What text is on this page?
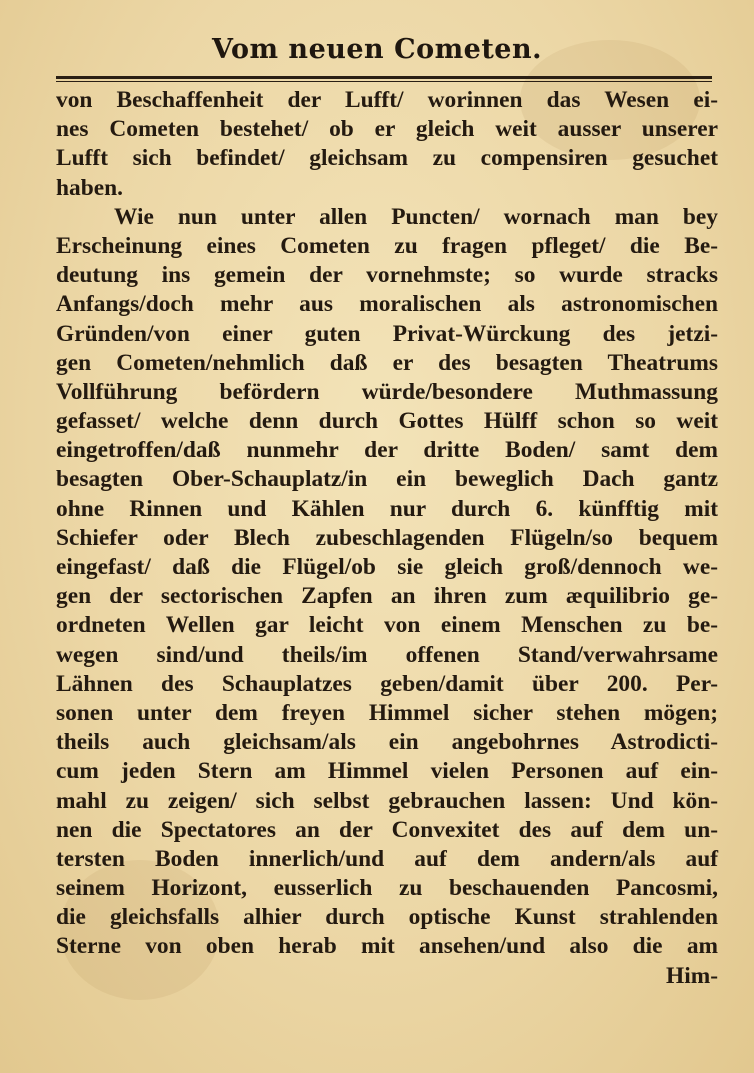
Vom neuen Cometen.
von Beschaffenheit der Lufft/ worinnen das Wesen ei-
nes Cometen bestehet/ ob er gleich weit ausser unserer
Lufft sich befindet/ gleichsam zu compensiren gesuchet
haben.
Wie nun unter allen Puncten/ wornach man bey
Erscheinung eines Cometen zu fragen pfleget/ die Be-
deutung ins gemein der vornehmste; so wurde stracks
Anfangs/doch mehr aus moralischen als astronomischen
Gründen/von einer guten Privat-Würckung des jetzi-
gen Cometen/nehmlich daß er des besagten Theatrums
Vollführung befördern würde/besondere Muthmassung
gefasset/ welche denn durch Gottes Hülff schon so weit
eingetroffen/daß nunmehr der dritte Boden/ samt dem
besagten Ober-Schauplatz/in ein beweglich Dach gantz
ohne Rinnen und Kählen nur durch 6. künfftig mit
Schiefer oder Blech zubeschlagenden Flügeln/so bequem
eingefast/ daß die Flügel/ob sie gleich groß/dennoch we-
gen der sectorischen Zapfen an ihren zum æquilibrio ge-
ordneten Wellen gar leicht von einem Menschen zu be-
wegen sind/und theils/im offenen Stand/verwahrsame
Lähnen des Schauplatzes geben/damit über 200. Per-
sonen unter dem freyen Himmel sicher stehen mögen;
theils auch gleichsam/als ein angebohrnes Astrodicti-
cum jeden Stern am Himmel vielen Personen auf ein-
mahl zu zeigen/ sich selbst gebrauchen lassen: Und kön-
nen die Spectatores an der Convexitet des auf dem un-
tersten Boden innerlich/und auf dem andern/als auf
seinem Horizont, eusserlich zu beschauenden Pancosmi,
die gleichsfalls alhier durch optische Kunst strahlenden
Sterne von oben herab mit ansehen/und also die am
Him-
